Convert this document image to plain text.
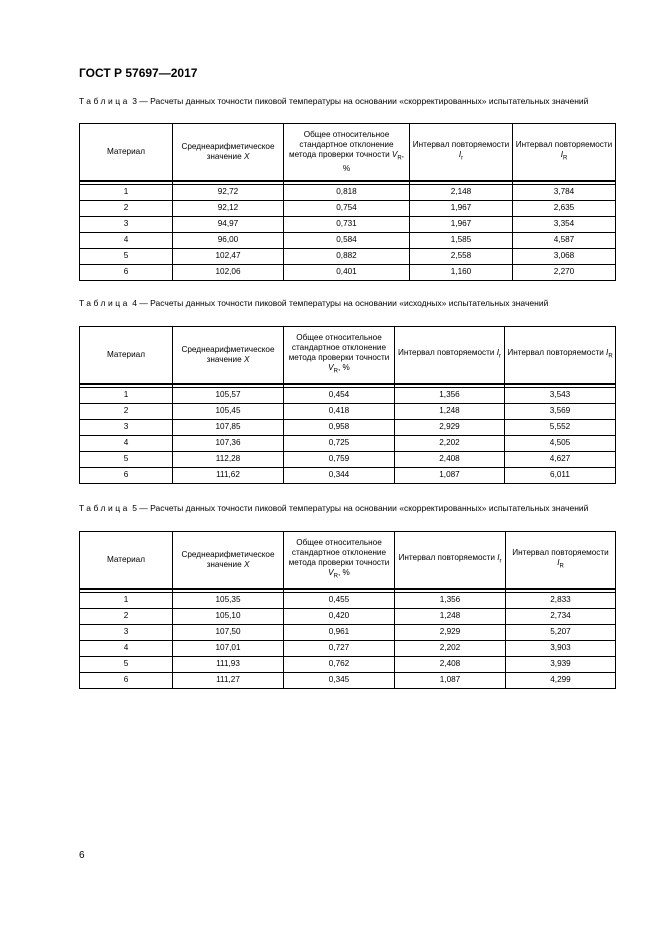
ГОСТ Р 57697—2017
Таблица 3 — Расчеты данных точности пиковой температуры на основании «скорректированных» испытательных значений
Материал	Среднеарифметическое значение X	Общее относительное стандартное отклонение метода проверки точности $V_R$, %	Интервал повторяемости $I_r$	Интервал повторяемости $I_R$

1	92,72	0,818	2,148	3,784
2	92,12	0,754	1,967	2,635
3	94,97	0,731	1,967	3,354
4	96,00	0,584	1,585	4,587
5	102,47	0,882	2,558	3,068
6	102,06	0,401	1,160	2,270
Таблица 4 — Расчеты данных точности пиковой температуры на основании «исходных» испытательных значений
Материал	Среднеарифметическое значение X	Общее относительное стандартное отклонение метода проверки точности $V_R$, %	Интервал повторяемости $I_r$	Интервал повторяемости $I_R$

1	105,57	0,454	1,356	3,543
2	105,45	0,418	1,248	3,569
3	107,85	0,958	2,929	5,552
4	107,36	0,725	2,202	4,505
5	112,28	0,759	2,408	4,627
6	111,62	0,344	1,087	6,011
Таблица 5 — Расчеты данных точности пиковой температуры на основании «скорректированных» испытательных значений
Материал	Среднеарифметическое значение X	Общее относительное стандартное отклонение метода проверки точности $V_R$, %	Интервал повторяемости $I_r$	Интервал повторяемости $I_R$

1	105,35	0,455	1,356	2,833
2	105,10	0,420	1,248	2,734
3	107,50	0,961	2,929	5,207
4	107,01	0,727	2,202	3,903
5	111,93	0,762	2,408	3,939
6	111,27	0,345	1,087	4,299
6
